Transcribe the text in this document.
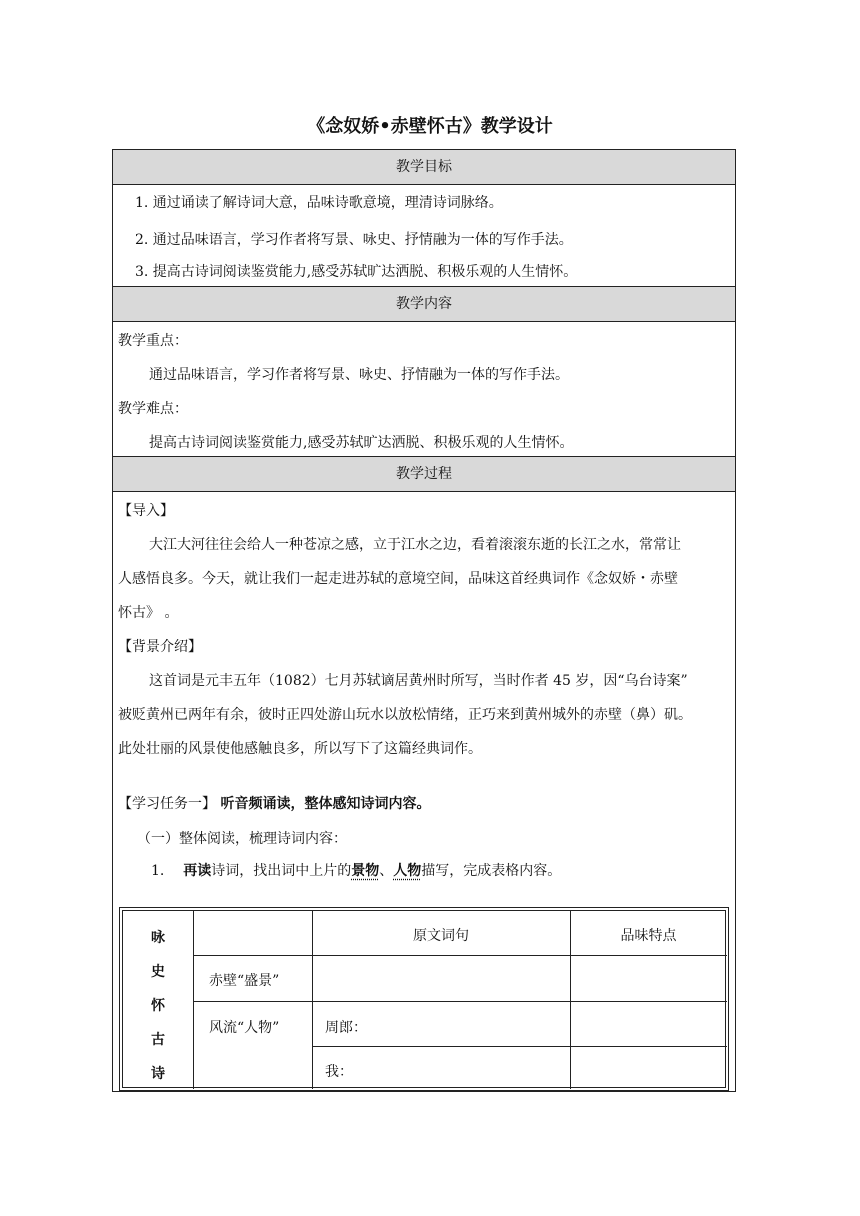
《念奴娇•赤壁怀古》教学设计
教学目标
1. 通过诵读了解诗词大意，品味诗歌意境，理清诗词脉络。
2. 通过品味语言，学习作者将写景、咏史、抒情融为一体的写作手法。
3. 提高古诗词阅读鉴赏能力,感受苏轼旷达洒脱、积极乐观的人生情怀。
教学内容
教学重点：
通过品味语言，学习作者将写景、咏史、抒情融为一体的写作手法。
教学难点：
提高古诗词阅读鉴赏能力,感受苏轼旷达洒脱、积极乐观的人生情怀。
教学过程
【导入】
大江大河往往会给人一种苍凉之感，立于江水之边，看着滚滚东逝的长江之水，常常让
人感悟良多。今天，就让我们一起走进苏轼的意境空间，品味这首经典词作《念奴娇・赤壁
怀古》 。
【背景介绍】
这首词是元丰五年（1082）七月苏轼谪居黄州时所写，当时作者 45 岁，因“乌台诗案”
被贬黄州已两年有余，彼时正四处游山玩水以放松情绪，正巧来到黄州城外的赤壁（鼻）矶。
此处壮丽的风景使他感触良多，所以写下了这篇经典词作。
【学习任务一】 听音频诵读，整体感知诗词内容。
（一）整体阅读，梳理诗词内容：
1. 再读诗词，找出词中上片的景物、人物描写，完成表格内容。
咏
史
怀
古
诗
原文词句	品味特点
赤壁“盛景”
风流“人物”	周郎：
我：
